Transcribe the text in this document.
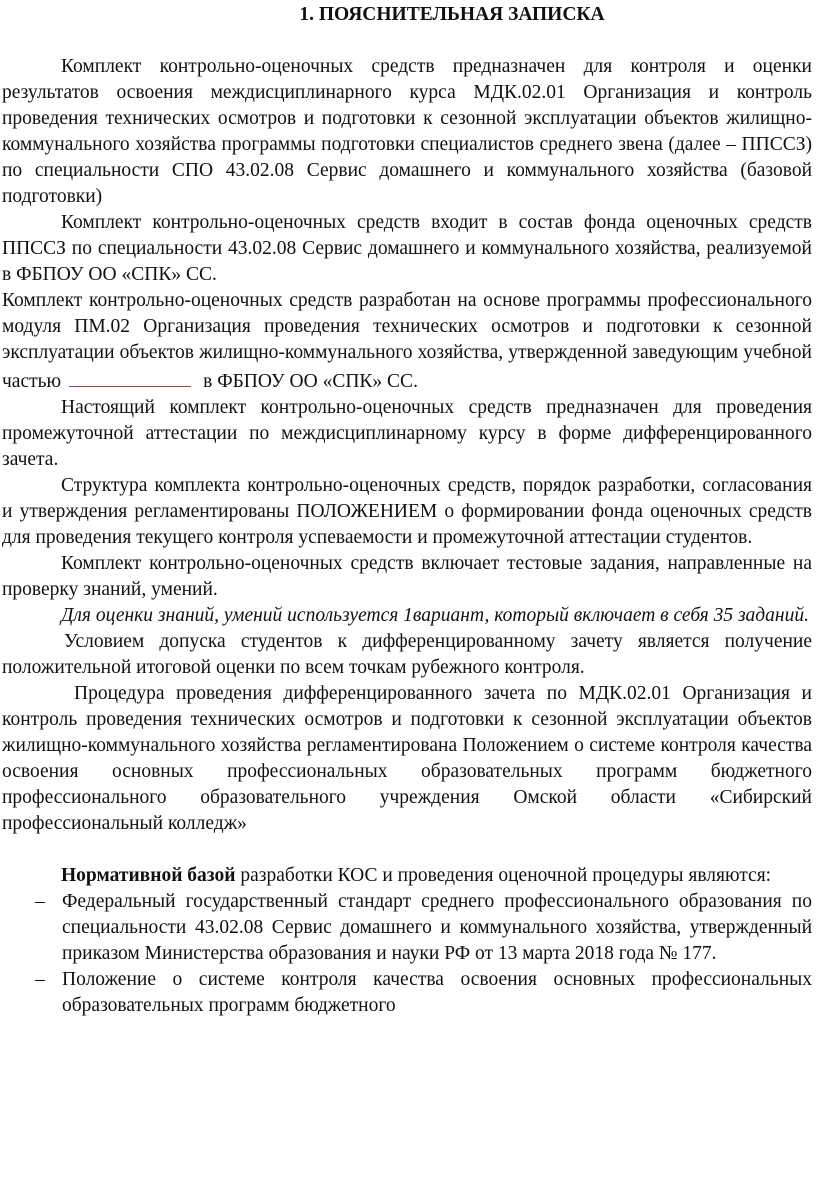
1. ПОЯСНИТЕЛЬНАЯ ЗАПИСКА

Комплект контрольно-оценочных средств предназначен для контроля и оценки результатов освоения междисциплинарного курса МДК.02.01 Организация и контроль проведения технических осмотров и подготовки к сезонной эксплуатации объектов жилищно-коммунального хозяйства программы подготовки специалистов среднего звена (далее – ППССЗ) по специальности СПО 43.02.08 Сервис домашнего и коммунального хозяйства (базовой подготовки)

Комплект контрольно-оценочных средств входит в состав фонда оценочных средств ППССЗ по специальности 43.02.08 Сервис домашнего и коммунального хозяйства, реализуемой в ФБПОУ ОО «СПК» СС.

Комплект контрольно-оценочных средств разработан на основе программы профессионального модуля ПМ.02 Организация проведения технических осмотров и подготовки к сезонной эксплуатации объектов жилищно-коммунального хозяйства, утвержденной заведующим учебной частью	в ФБПОУ ОО «СПК» СС.

Настоящий комплект контрольно-оценочных средств предназначен для проведения промежуточной аттестации по междисциплинарному курсу в форме дифференцированного зачета.

Структура комплекта контрольно-оценочных средств, порядок разработки, согласования и утверждения регламентированы ПОЛОЖЕНИЕМ о формировании фонда оценочных средств для проведения текущего контроля успеваемости и промежуточной аттестации студентов.

Комплект контрольно-оценочных средств включает тестовые задания, направленные на проверку знаний, умений.

Для оценки знаний, умений используется 1вариант, который включает в себя 35 заданий.

Условием допуска студентов к дифференцированному зачету является получение положительной итоговой оценки по всем точкам рубежного контроля.

Процедура проведения дифференцированного зачета по МДК.02.01 Организация и контроль проведения технических осмотров и подготовки к сезонной эксплуатации объектов жилищно-коммунального хозяйства регламентирована Положением о системе контроля качества освоения основных профессиональных образовательных программ бюджетного профессионального образовательного учреждения Омской области «Сибирский профессиональный колледж»

Нормативной базой разработки КОС и проведения оценочной процедуры являются:

– Федеральный государственный стандарт среднего профессионального образования по специальности 43.02.08 Сервис домашнего и коммунального хозяйства, утвержденный приказом Министерства образования и науки РФ от 13 марта 2018 года № 177.
– Положение о системе контроля качества освоения основных профессиональных образовательных программ бюджетного
